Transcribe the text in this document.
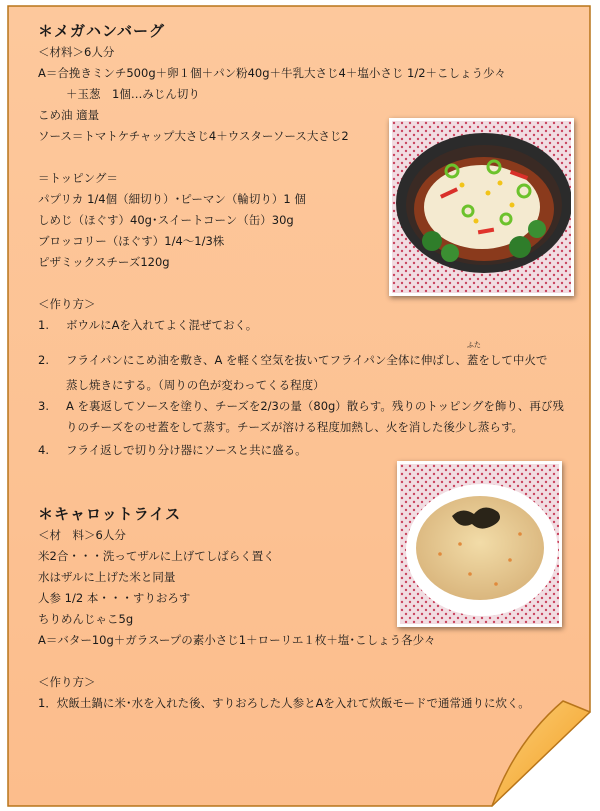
＊メガハンバーグ
＜材料＞6人分
A＝合挽きミンチ500g＋卵１個＋パン粉40g＋牛乳大さじ4＋塩小さじ 1/2＋こしょう少々
＋玉葱　1個…みじん切り
こめ油 適量
ソース＝トマトケチャップ大さじ4＋ウスターソース大さじ2
＝トッピング＝
パプリカ 1/4個（細切り）･ピーマン（輪切り）1 個
しめじ（ほぐす）40g･スイートコーン（缶）30g
ブロッコリー（ほぐす）1/4～1/3株
ピザミックスチーズ120g
＜作り方＞
1. ボウルにAを入れてよく混ぜておく。
2. フライパンにこめ油を敷き、A を軽く空気を抜いてフライパン全体に伸ばし、
ふた
蓋をして中火で
蒸し焼きにする。（周りの色が変わってくる程度）
3. A を裏返してソースを塗り、チーズを2/3の量（80g）散らす。残りのトッピングを飾り、再び残
りのチーズをのせ蓋をして蒸す。チーズが溶ける程度加熱し、火を消した後少し蒸らす。
4. フライ返しで切り分け器にソースと共に盛る。
＊キャロットライス
＜材　料＞6人分
米2合・・・洗ってザルに上げてしばらく置く
水はザルに上げた米と同量
人参 1/2 本・・・すりおろす
ちりめんじゃこ5g
A＝バター10g＋ガラスープの素小さじ1＋ローリエ１枚＋塩･こしょう各少々
＜作り方＞
1．炊飯土鍋に米･水を入れた後、すりおろした人参とAを入れて炊飯モードで通常通りに炊く。
